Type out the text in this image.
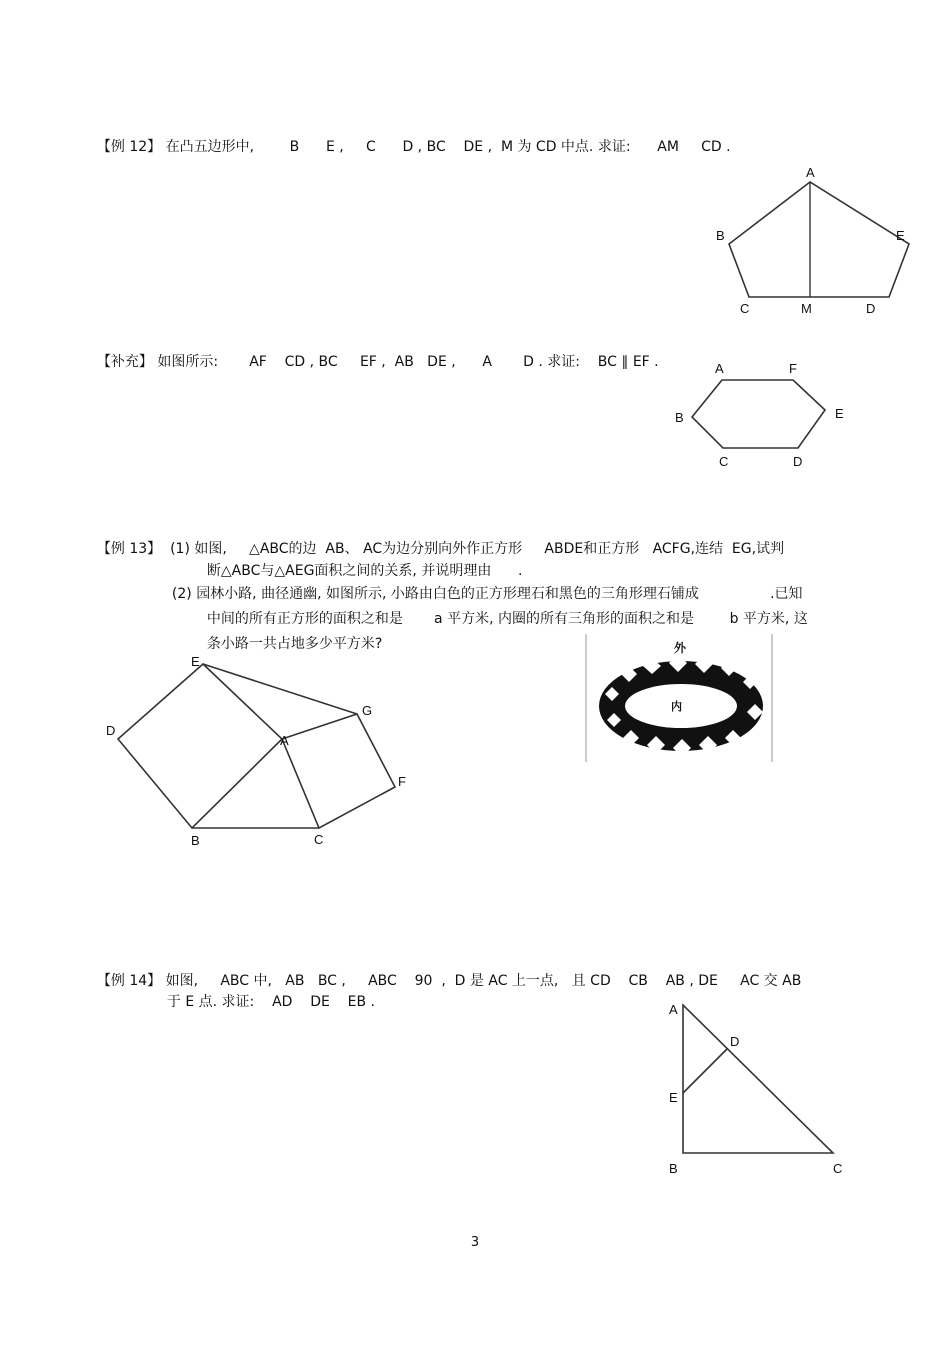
【例 12】 在凸五边形中,        B      E ,     C      D , BC    DE ,  M 为 CD 中点. 求证:      AM     CD .

A
B	E
C	M	D

【补充】 如图所示:       AF    CD , BC     EF ,  AB   DE ,      A       D . 求证:    BC ∥ EF .	A	F
B	E
C	D

【例 13】  (1) 如图,     △ABC的边  AB、 AC为边分别向外作正方形     ABDE和正方形   ACFG,连结  EG,试判

断△ABC与△AEG面积之间的关系, 并说明理由      .

(2) 园林小路, 曲径通幽, 如图所示, 小路由白色的正方形理石和黑色的三角形理石铺成                .已知

中间的所有正方形的面积之和是       a 平方米, 内圈的所有三角形的面积之和是        b 平方米, 这

条小路一共占地多少平方米?

E
D
A
G
F
B	C
外
内

【例 14】 如图,     ABC 中,   AB   BC ,     ABC    90  ,  D 是 AC 上一点,   且 CD    CB    AB , DE     AC 交 AB

于 E 点. 求证:    AD    DE    EB .	A
D
E
B	C
3
